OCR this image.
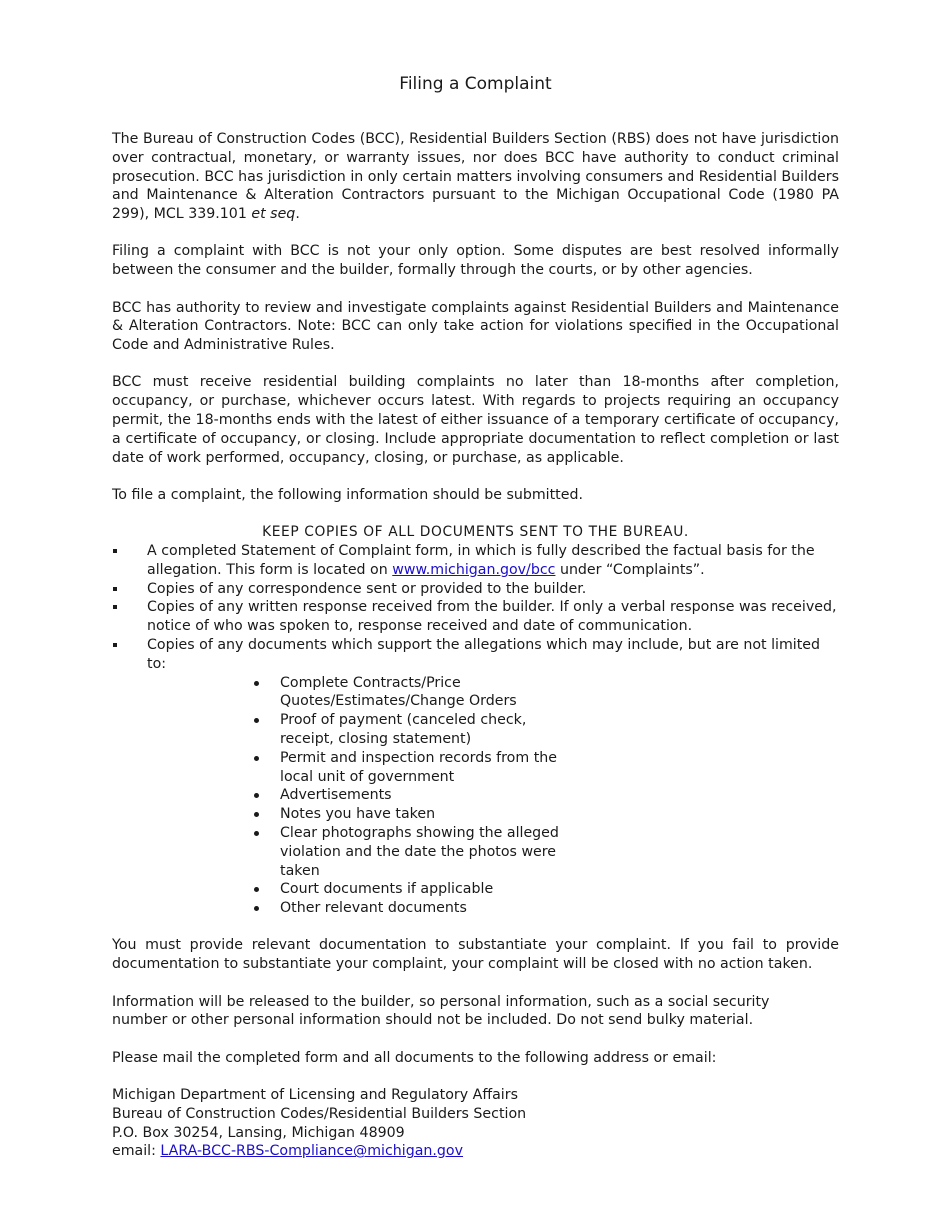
Filing a Complaint

The Bureau of Construction Codes (BCC), Residential Builders Section (RBS) does not have jurisdiction over contractual, monetary, or warranty issues, nor does BCC have authority to conduct criminal prosecution. BCC has jurisdiction in only certain matters involving consumers and Residential Builders and Maintenance & Alteration Contractors pursuant to the Michigan Occupational Code (1980 PA 299), MCL 339.101 et seq.

Filing a complaint with BCC is not your only option. Some disputes are best resolved informally between the consumer and the builder, formally through the courts, or by other agencies.

BCC has authority to review and investigate complaints against Residential Builders and Maintenance & Alteration Contractors. Note: BCC can only take action for violations specified in the Occupational Code and Administrative Rules.

BCC must receive residential building complaints no later than 18-months after completion, occupancy, or purchase, whichever occurs latest. With regards to projects requiring an occupancy permit, the 18-months ends with the latest of either issuance of a temporary certificate of occupancy, a certificate of occupancy, or closing. Include appropriate documentation to reflect completion or last date of work performed, occupancy, closing, or purchase, as applicable.

To file a complaint, the following information should be submitted.

KEEP COPIES OF ALL DOCUMENTS SENT TO THE BUREAU.

A completed Statement of Complaint form, in which is fully described the factual basis for the allegation. This form is located on www.michigan.gov/bcc under “Complaints”.
Copies of any correspondence sent or provided to the builder.
Copies of any written response received from the builder. If only a verbal response was received, notice of who was spoken to, response received and date of communication.
Copies of any documents which support the allegations which may include, but are not limited to:
Complete Contracts/Price Quotes/Estimates/Change Orders
Proof of payment (canceled check, receipt, closing statement)
Permit and inspection records from the local unit of government
Advertisements
Notes you have taken
Clear photographs showing the alleged violation and the date the photos were taken
Court documents if applicable
Other relevant documents

You must provide relevant documentation to substantiate your complaint. If you fail to provide documentation to substantiate your complaint, your complaint will be closed with no action taken.

Information will be released to the builder, so personal information, such as a social security number or other personal information should not be included. Do not send bulky material.

Please mail the completed form and all documents to the following address or email:

Michigan Department of Licensing and Regulatory Affairs

Bureau of Construction Codes/Residential Builders Section

P.O. Box 30254, Lansing, Michigan 48909

email: LARA-BCC-RBS-Compliance@michigan.gov
